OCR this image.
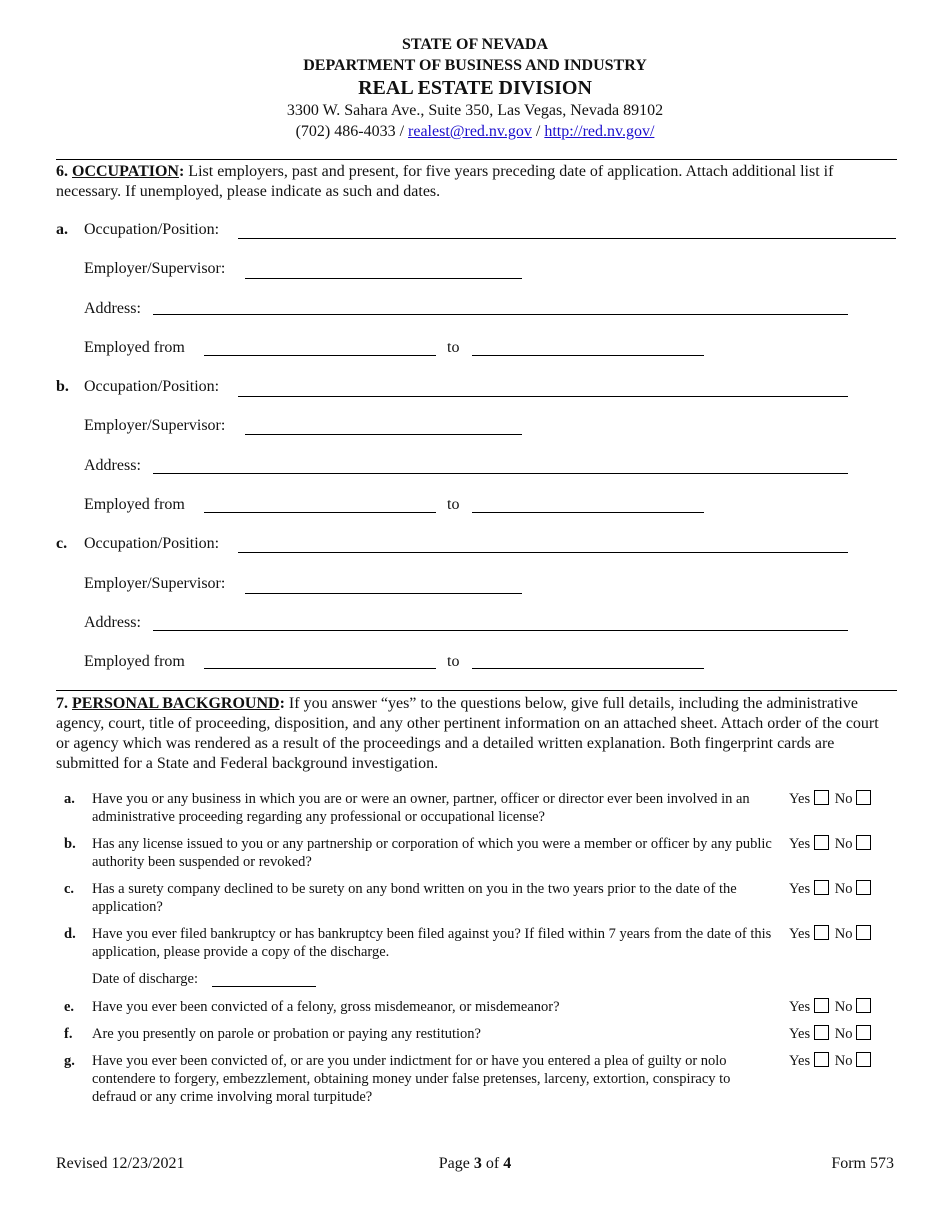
STATE OF NEVADA
DEPARTMENT OF BUSINESS AND INDUSTRY
REAL ESTATE DIVISION
3300 W. Sahara Ave., Suite 350, Las Vegas, Nevada 89102
(702) 486-4033 / realest@red.nv.gov / http://red.nv.gov/
6. OCCUPATION: List employers, past and present, for five years preceding date of application. Attach additional list if necessary. If unemployed, please indicate as such and dates.
a. Occupation/Position:
Employer/Supervisor:
Address:
Employed from	to
b. Occupation/Position:
Employer/Supervisor:
Address:
Employed from	to
c. Occupation/Position:
Employer/Supervisor:
Address:
Employed from	to
7. PERSONAL BACKGROUND: If you answer “yes” to the questions below, give full details, including the administrative agency, court, title of proceeding, disposition, and any other pertinent information on an attached sheet. Attach order of the court or agency which was rendered as a result of the proceedings and a detailed written explanation. Both fingerprint cards are submitted for a State and Federal background investigation.
a. Have you or any business in which you are or were an owner, partner, officer or director ever been involved in an administrative proceeding regarding any professional or occupational license?
Yes No
b. Has any license issued to you or any partnership or corporation of which you were a member or officer by any public authority been suspended or revoked?
Yes No
c. Has a surety company declined to be surety on any bond written on you in the two years prior to the date of the application?
Yes No
d. Have you ever filed bankruptcy or has bankruptcy been filed against you? If filed within 7 years from the date of this application, please provide a copy of the discharge.
Yes No
Date of discharge:
e. Have you ever been convicted of a felony, gross misdemeanor, or misdemeanor?	Yes No
f. Are you presently on parole or probation or paying any restitution?	Yes No
g. Have you ever been convicted of, or are you under indictment for or have you entered a plea of guilty or nolo contendere to forgery, embezzlement, obtaining money under false pretenses, larceny, extortion, conspiracy to defraud or any crime involving moral turpitude?
Yes No
Revised 12/23/2021	Page 3 of 4	Form 573
